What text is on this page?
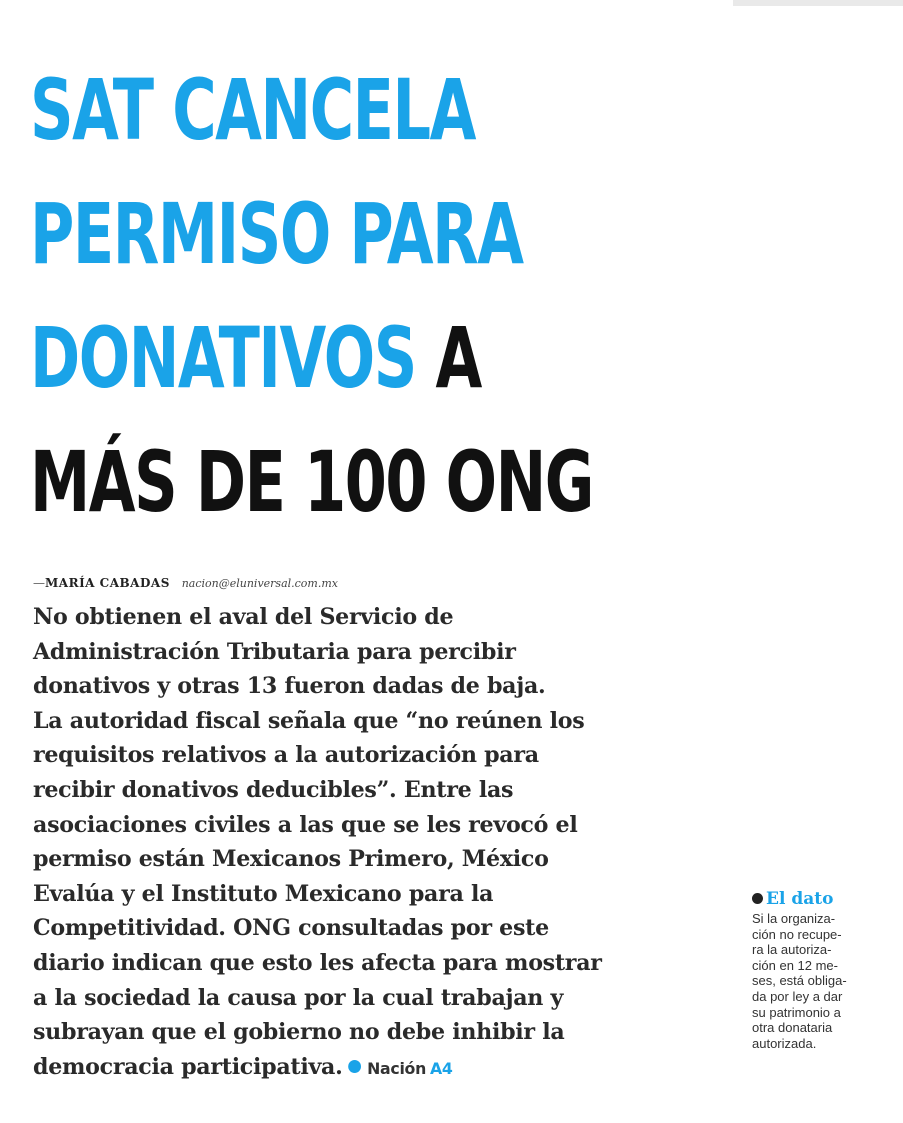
SAT CANCELA
PERMISO PARA
DONATIVOS A
MÁS DE 100 ONG
—MARÍA CABADAS nacion@eluniversal.com.mx
No obtienen el aval del Servicio de
Administración Tributaria para percibir
donativos y otras 13 fueron dadas de baja.
La autoridad fiscal señala que “no reúnen los
requisitos relativos a la autorización para
recibir donativos deducibles”. Entre las
asociaciones civiles a las que se les revocó el
permiso están Mexicanos Primero, México
Evalúa y el Instituto Mexicano para la
Competitividad. ONG consultadas por este
diario indican que esto les afecta para mostrar
a la sociedad la causa por la cual trabajan y
subrayan que el gobierno no debe inhibir la
democracia participativa. Nación A4
El dato
Si la organiza-
ción no recupe-
ra la autoriza-
ción en 12 me-
ses, está obliga-
da por ley a dar
su patrimonio a
otra donataria
autorizada.
